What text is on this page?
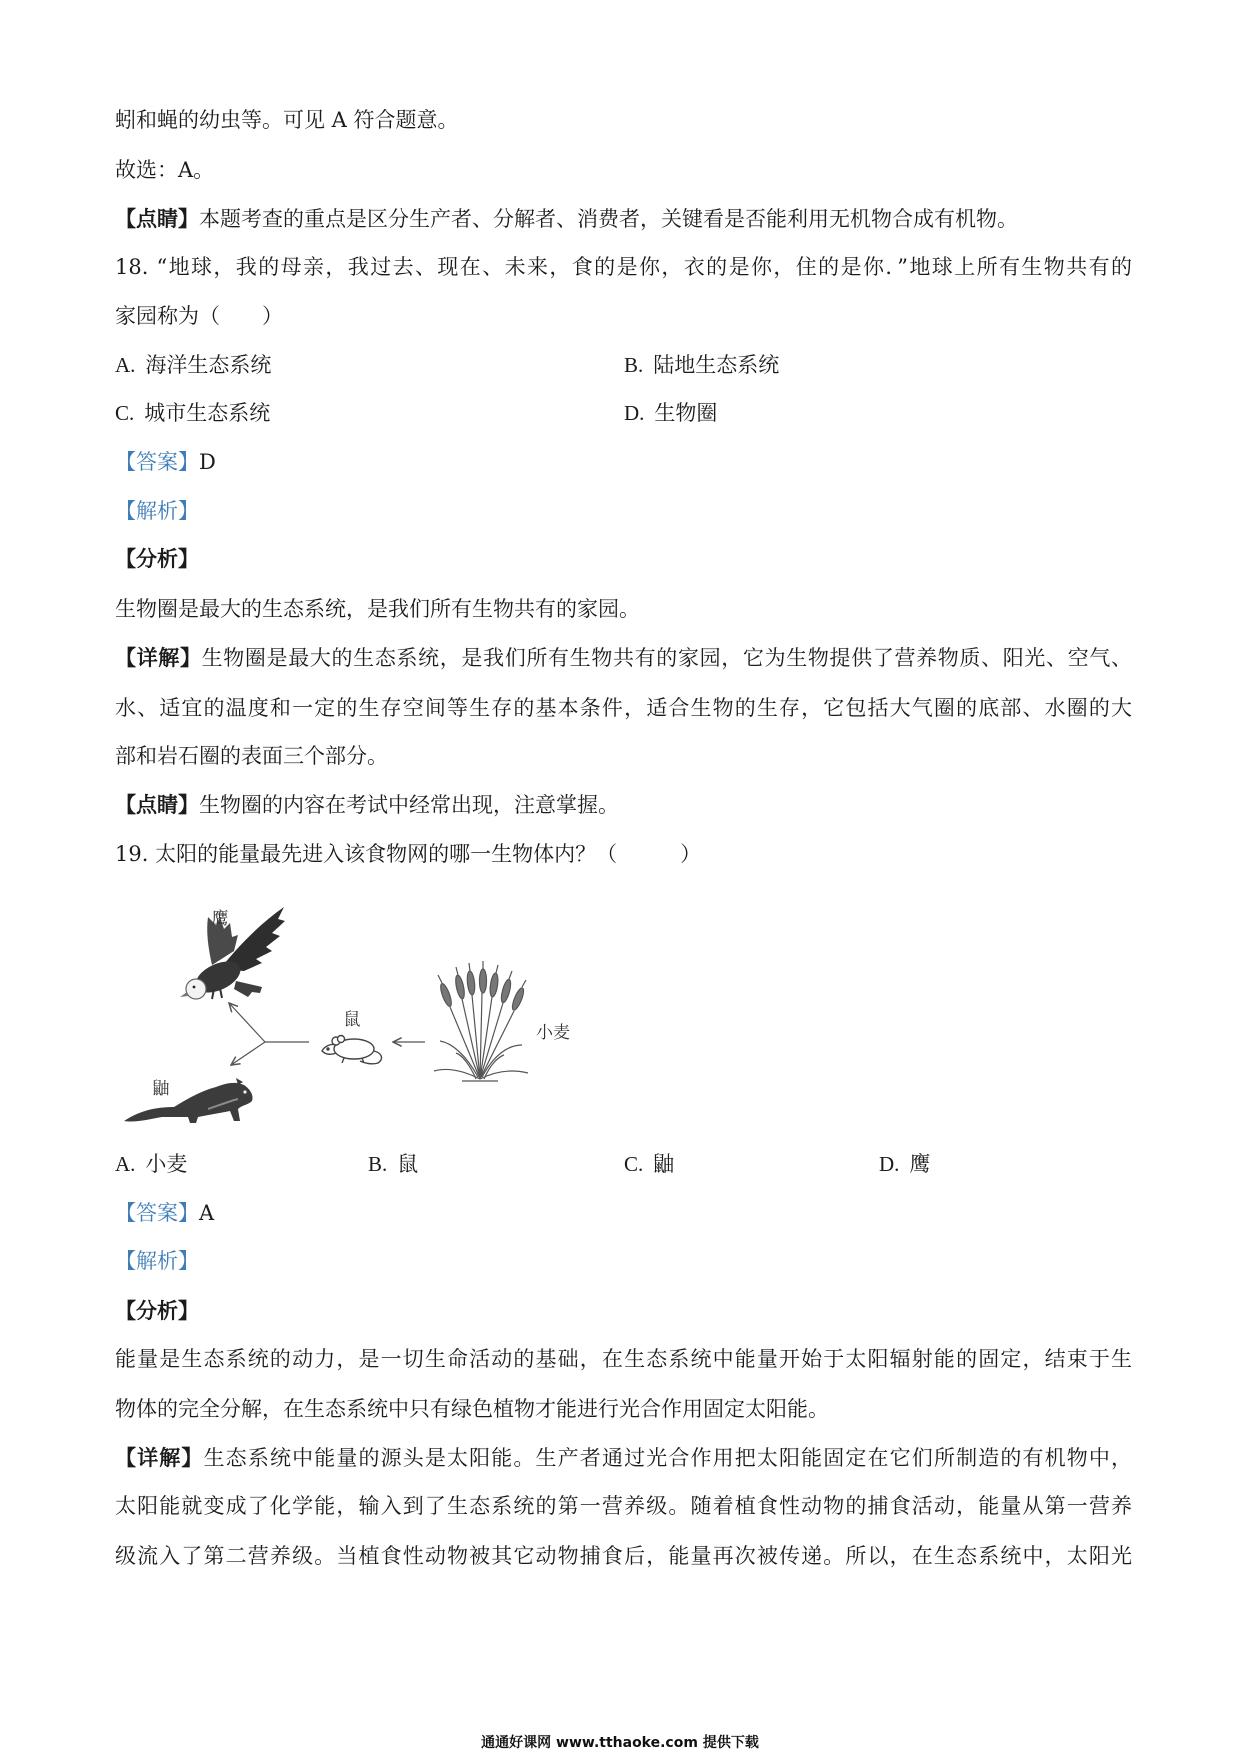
蚓和蝇的幼虫等。可见 A 符合题意。
故选：A。
【点睛】本题考查的重点是区分生产者、分解者、消费者，关键看是否能利用无机物合成有机物。
18. “地球，我的母亲，我过去、现在、未来，食的是你，衣的是你，住的是你．”地球上所有生物共有的
家园称为（　　）
A. 海洋生态系统	B. 陆地生态系统
C. 城市生态系统	D. 生物圈
【答案】D
【解析】
【分析】
生物圈是最大的生态系统，是我们所有生物共有的家园。
【详解】生物圈是最大的生态系统，是我们所有生物共有的家园，它为生物提供了营养物质、阳光、空气、
水、适宜的温度和一定的生存空间等生存的基本条件，适合生物的生存，它包括大气圈的底部、水圈的大
部和岩石圈的表面三个部分。
【点睛】生物圈的内容在考试中经常出现，注意掌握。
19. 太阳的能量最先进入该食物网的哪一生物体内？（　　　）
鹰
鼬
鼠
小麦
A. 小麦	B. 鼠	C. 鼬	D. 鹰
【答案】A
【解析】
【分析】
能量是生态系统的动力，是一切生命活动的基础，在生态系统中能量开始于太阳辐射能的固定，结束于生
物体的完全分解，在生态系统中只有绿色植物才能进行光合作用固定太阳能。
【详解】生态系统中能量的源头是太阳能。生产者通过光合作用把太阳能固定在它们所制造的有机物中，
太阳能就变成了化学能，输入到了生态系统的第一营养级。随着植食性动物的捕食活动，能量从第一营养
级流入了第二营养级。当植食性动物被其它动物捕食后，能量再次被传递。所以，在生态系统中，太阳光
通通好课网 www.tthaoke.com 提供下载
